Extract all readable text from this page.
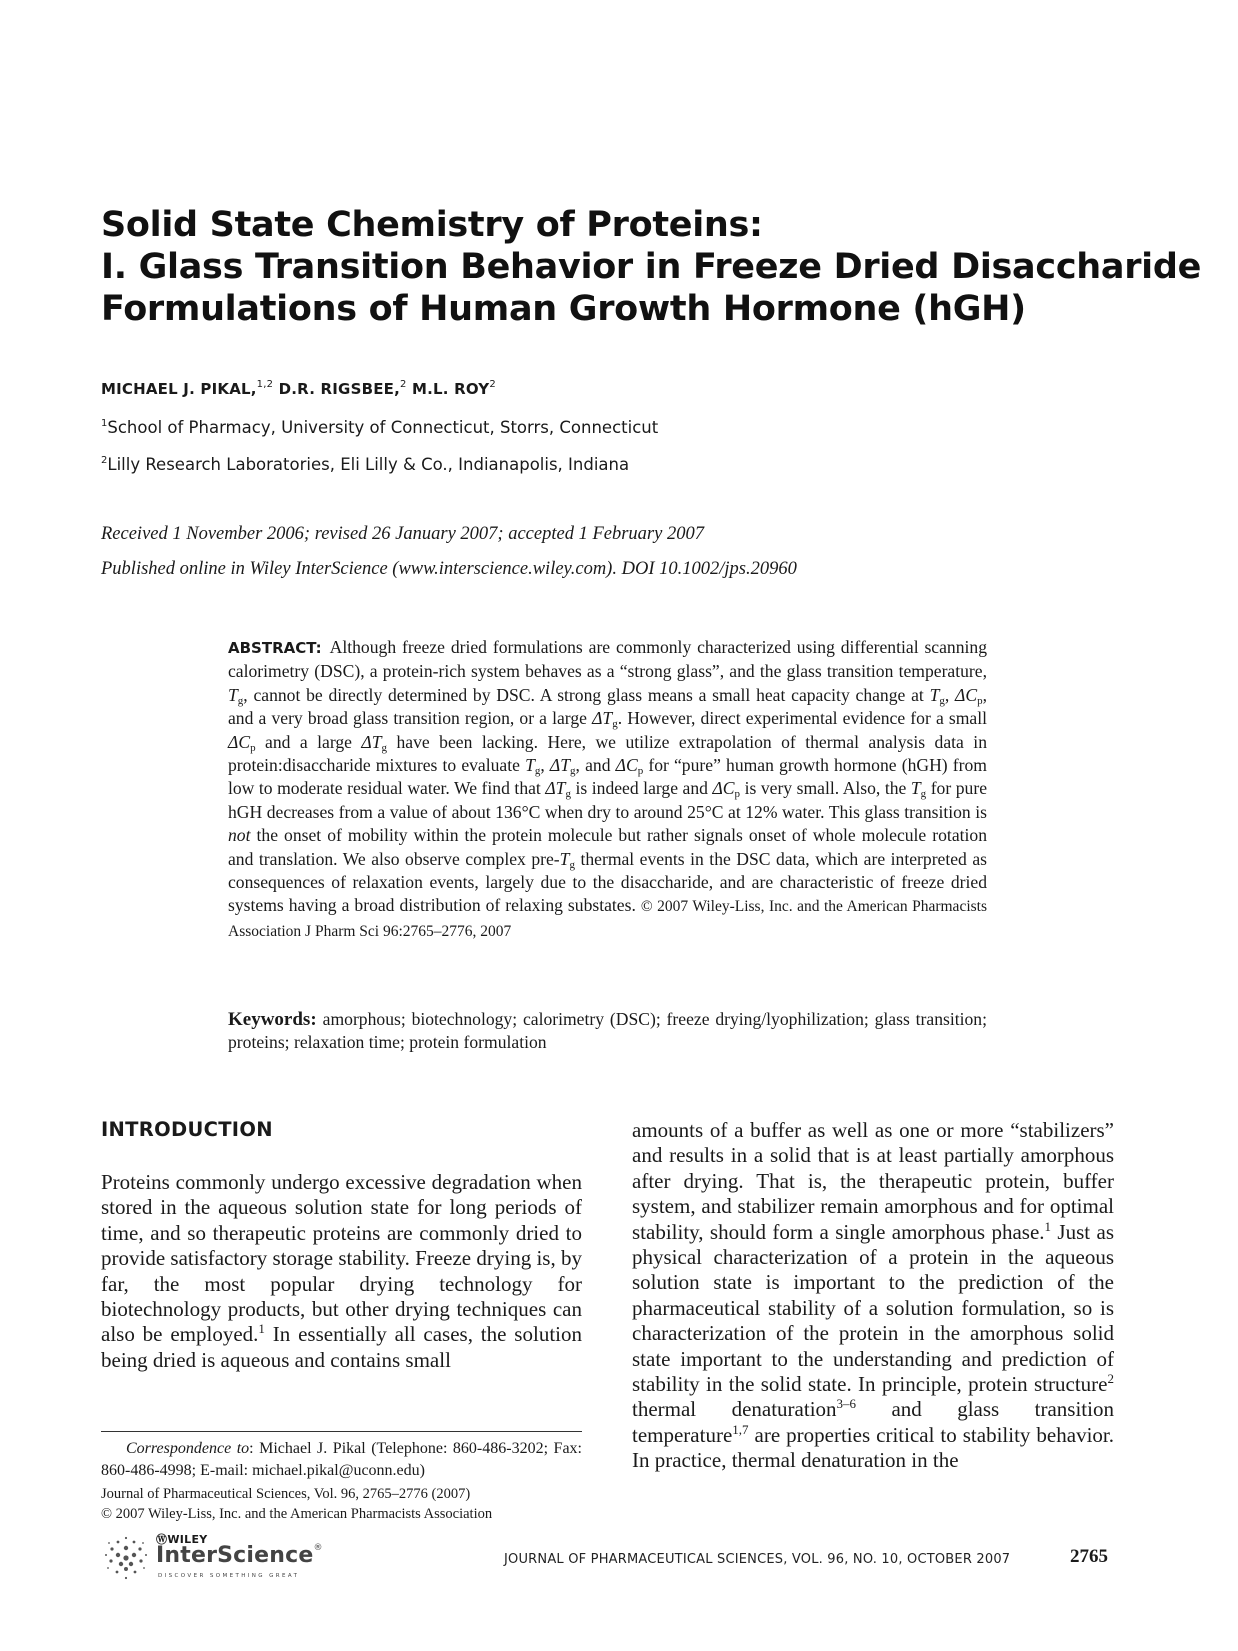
Solid State Chemistry of Proteins:
I. Glass Transition Behavior in Freeze Dried Disaccharide
Formulations of Human Growth Hormone (hGH)
MICHAEL J. PIKAL,$^{1,2}$ D.R. RIGSBEE,$^2$ M.L. ROY$^2$
$^1$School of Pharmacy, University of Connecticut, Storrs, Connecticut
$^2$Lilly Research Laboratories, Eli Lilly & Co., Indianapolis, Indiana
Received 1 November 2006; revised 26 January 2007; accepted 1 February 2007
Published online in Wiley InterScience (www.interscience.wiley.com). DOI 10.1002/jps.20960
ABSTRACT: Although freeze dried formulations are commonly characterized using differential scanning calorimetry (DSC), a protein-rich system behaves as a “strong glass”, and the glass transition temperature, $T_g$, cannot be directly determined by DSC. A strong glass means a small heat capacity change at $T_g$, $\Delta C_p$, and a very broad glass transition region, or a large $\Delta T_g$. However, direct experimental evidence for a small $\Delta C_p$ and a large $\Delta T_g$ have been lacking. Here, we utilize extrapolation of thermal analysis data in protein:disaccharide mixtures to evaluate $T_g$, $\Delta T_g$, and $\Delta C_p$ for “pure” human growth hormone (hGH) from low to moderate residual water. We find that $\Delta T_g$ is indeed large and $\Delta C_p$ is very small. Also, the $T_g$ for pure hGH decreases from a value of about 136°C when dry to around 25°C at 12% water. This glass transition is not the onset of mobility within the protein molecule but rather signals onset of whole molecule rotation and translation. We also observe complex pre-$T_g$ thermal events in the DSC data, which are interpreted as consequences of relaxation events, largely due to the disaccharide, and are characteristic of freeze dried systems having a broad distribution of relaxing substates. © 2007 Wiley-Liss, Inc. and the American Pharmacists Association J Pharm Sci 96:2765–2776, 2007
Keywords: amorphous; biotechnology; calorimetry (DSC); freeze drying/lyophilization; glass transition; proteins; relaxation time; protein formulation
INTRODUCTION
Proteins commonly undergo excessive degradation when stored in the aqueous solution state for long periods of time, and so therapeutic proteins are commonly dried to provide satisfactory storage stability. Freeze drying is, by far, the most popular drying technology for biotechnology products, but other drying techniques can also be employed.$^1$ In essentially all cases, the solution being dried is aqueous and contains small
amounts of a buffer as well as one or more “stabilizers” and results in a solid that is at least partially amorphous after drying. That is, the therapeutic protein, buffer system, and stabilizer remain amorphous and for optimal stability, should form a single amorphous phase.$^1$ Just as physical characterization of a protein in the aqueous solution state is important to the prediction of the pharmaceutical stability of a solution formulation, so is characterization of the protein in the amorphous solid state important to the understanding and prediction of stability in the solid state. In principle, protein structure$^2$ thermal denaturation$^{3-6}$ and glass transition temperature$^{1,7}$ are properties critical to stability behavior. In practice, thermal denaturation in the
Correspondence to: Michael J. Pikal (Telephone: 860-486-3202; Fax: 860-486-4998; E-mail: michael.pikal@uconn.edu)
Journal of Pharmaceutical Sciences, Vol. 96, 2765–2776 (2007)
© 2007 Wiley-Liss, Inc. and the American Pharmacists Association
ⓌWILEY
InterScience®
DISCOVER SOMETHING GREAT
JOURNAL OF PHARMACEUTICAL SCIENCES, VOL. 96, NO. 10, OCTOBER 2007	2765
